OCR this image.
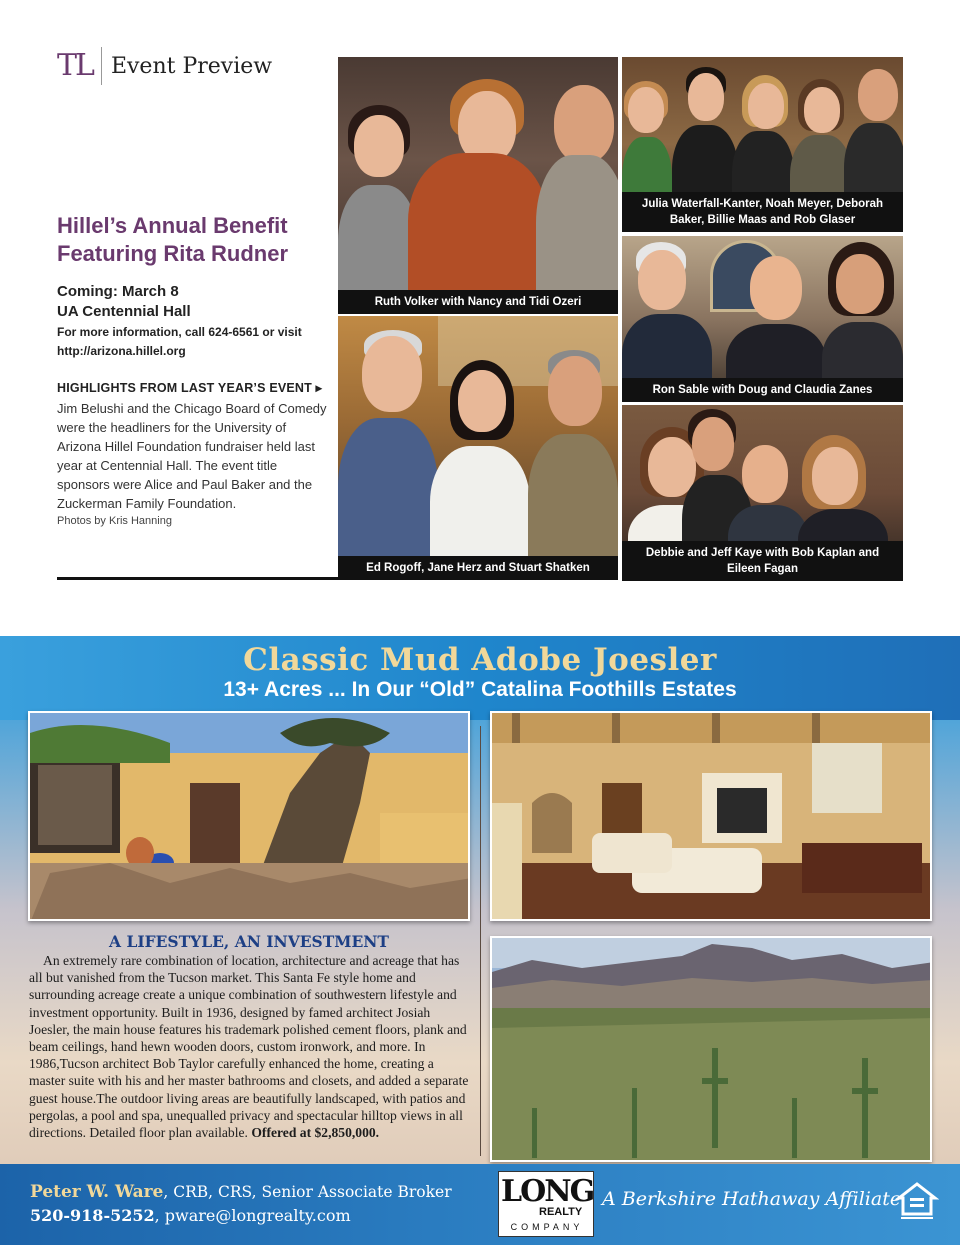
TL Event Preview
Hillel’s Annual Benefit Featuring Rita Rudner
Coming: March 8
UA Centennial Hall
For more information, call 624-6561 or visit http://arizona.hillel.org
HIGHLIGHTS FROM LAST YEAR’S EVENT ▸
Jim Belushi and the Chicago Board of Comedy were the headliners for the University of Arizona Hillel Foundation fundraiser held last year at Centennial Hall. The event title sponsors were Alice and Paul Baker and the Zuckerman Family Foundation.
Photos by Kris Hanning
Ruth Volker with Nancy and Tidi Ozeri
Julia Waterfall-Kanter, Noah Meyer, Deborah Baker, Billie Maas and Rob Glaser
Ron Sable with Doug and Claudia Zanes
Ed Rogoff, Jane Herz and Stuart Shatken
Debbie and Jeff Kaye with Bob Kaplan and Eileen Fagan
Classic Mud Adobe Joesler
13+ Acres ... In Our “Old” Catalina Foothills Estates
A LIFESTYLE, AN INVESTMENT
An extremely rare combination of location, architecture and acreage that has all but vanished from the Tucson market. This Santa Fe style home and surrounding acreage create a unique combination of southwestern lifestyle and investment opportunity. Built in 1936, designed by famed architect Josiah Joesler, the main house features his trademark polished cement floors, plank and beam ceilings, hand hewn wooden doors, custom ironwork, and more. In 1986,Tucson architect Bob Taylor carefully enhanced the home, creating a master suite with his and her master bathrooms and closets, and added a separate guest house.The outdoor living areas are beautifully landscaped, with patios and pergolas, a pool and spa, unequalled privacy and spectacular hilltop views in all directions. Detailed floor plan available. Offered at $2,850,000.
Peter W. Ware, CRB, CRS, Senior Associate Broker
520-918-5252, pware@longrealty.com
LONG
REALTY
COMPANY
A Berkshire Hathaway Affiliate
